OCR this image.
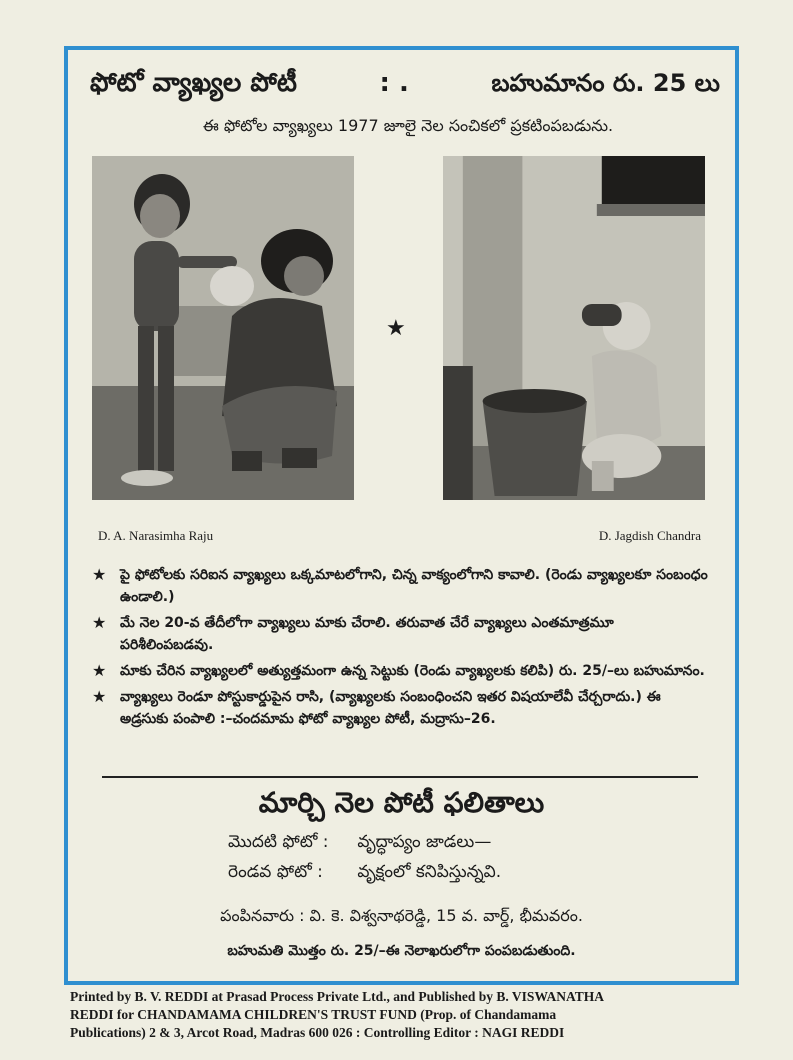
ఫోటో వ్యాఖ్యల పోటీ	: .	బహుమానం రు. 25 లు
ఈ ఫోటోల వ్యాఖ్యలు 1977 జూలై నెల సంచికలో ప్రకటింపబడును.
★
D. A. Narasimha Raju	D. Jagdish Chandra
★ పై ఫోటోలకు సరిఐన వ్యాఖ్యలు ఒక్కమాటలోగాని, చిన్న వాక్యంలోగాని కావాలి. (రెండు వ్యాఖ్యలకూ సంబంధం ఉండాలి.)
★ మే నెల 20-వ తేదీలోగా వ్యాఖ్యలు మాకు చేరాలి. తరువాత చేరే వ్యాఖ్యలు ఎంతమాత్రమూ పరిశీలింపబడవు.
★ మాకు చేరిన వ్యాఖ్యలలో అత్యుత్తమంగా ఉన్న సెట్టుకు (రెండు వ్యాఖ్యలకు కలిపి) రు. 25/–లు బహుమానం.
★ వ్యాఖ్యలు రెండూ పోస్టుకార్డుపైన రాసి, (వ్యాఖ్యలకు సంబంధించని ఇతర విషయాలేవీ చేర్చరాదు.) ఈ అడ్రసుకు పంపాలి :–చందమామ ఫోటో వ్యాఖ్యల పోటీ, మద్రాసు–26.
మార్చి నెల పోటీ ఫలితాలు
మొదటి ఫోటో : వృద్ధాప్యం జాడలు—
రెండవ ఫోటో : వృక్షంలో కనిపిస్తున్నవి.
పంపినవారు : వి. కె. విశ్వనాథరెడ్డి, 15 వ. వార్డ్, భీమవరం.
బహుమతి మొత్తం రు. 25/–ఈ నెలాఖరులోగా పంపబడుతుంది.
Printed by B. V. REDDI at Prasad Process Private Ltd., and Published by B. VISWANATHA
REDDI for CHANDAMAMA CHILDREN'S TRUST FUND (Prop. of Chandamama
Publications) 2 & 3, Arcot Road, Madras 600 026 : Controlling Editor : NAGI REDDI
